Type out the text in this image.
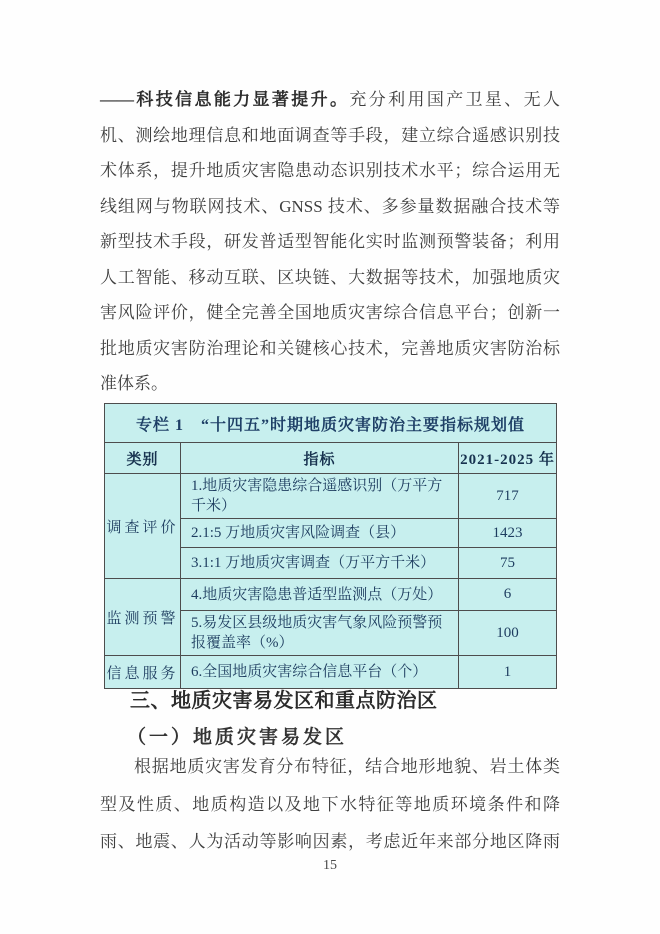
——科技信息能力显著提升。充分利用国产卫星、无人
机、测绘地理信息和地面调查等手段，建立综合遥感识别技
术体系，提升地质灾害隐患动态识别技术水平；综合运用无
线组网与物联网技术、GNSS 技术、多参量数据融合技术等
新型技术手段，研发普适型智能化实时监测预警装备；利用
人工智能、移动互联、区块链、大数据等技术，加强地质灾
害风险评价，健全完善全国地质灾害综合信息平台；创新一
批地质灾害防治理论和关键核心技术，完善地质灾害防治标
准体系。
专栏 1　“十四五”时期地质灾害防治主要指标规划值		
类别	指标	2021-2025 年
调查评价	1.地质灾害隐患综合遥感识别（万平方千米）	717
	2.1:5 万地质灾害风险调查（县）	1423
	3.1:1 万地质灾害调查（万平方千米）	75
监测预警	4.地质灾害隐患普适型监测点（万处）	6
	5.易发区县级地质灾害气象风险预警预报覆盖率（%）	100
信息服务	6.全国地质灾害综合信息平台（个）	1
三、地质灾害易发区和重点防治区
（一）地质灾害易发区
根据地质灾害发育分布特征，结合地形地貌、岩土体类
型及性质、地质构造以及地下水特征等地质环境条件和降
雨、地震、人为活动等影响因素，考虑近年来部分地区降雨
15
